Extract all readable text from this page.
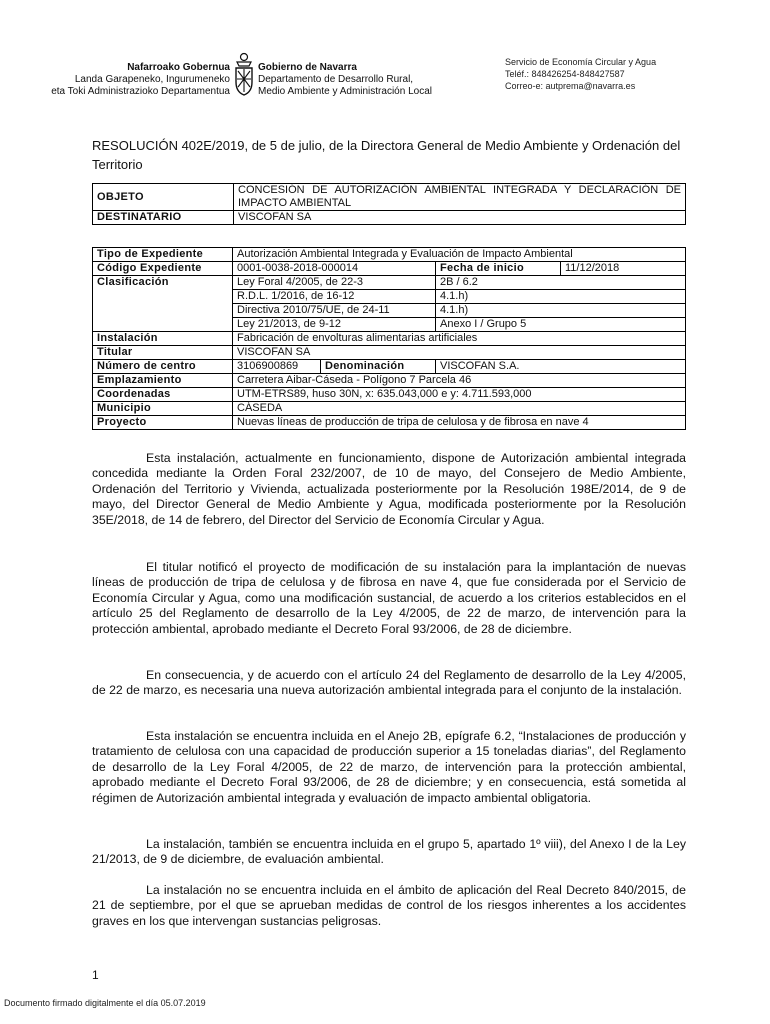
Nafarroako Gobernua
Landa Garapeneko, Ingurumeneko
eta Toki Administrazioko Departamentua
Gobierno de Navarra
Departamento de Desarrollo Rural,
Medio Ambiente y Administración Local
Servicio de Economía Circular y Agua
Teléf.: 848426254-848427587
Correo-e: autprema@navarra.es
RESOLUCIÓN 402E/2019, de 5 de julio, de la Directora General de Medio Ambiente y Ordenación del Territorio
OBJETO	CONCESIÓN DE AUTORIZACIÓN AMBIENTAL INTEGRADA Y DECLARACIÓN DE IMPACTO AMBIENTAL
DESTINATARIO	VISCOFAN SA
Tipo de Expediente	Autorización Ambiental Integrada y Evaluación de Impacto Ambiental			
Código Expediente	0001-0038-2018-000014		Fecha de inicio	11/12/2018
Clasificación	Ley Foral 4/2005, de 22-3		2B / 6.2	
	R.D.L. 1/2016, de 16-12		4.1.h)	
	Directiva 2010/75/UE, de 24-11		4.1.h)	
	Ley 21/2013, de 9-12		Anexo I / Grupo 5	
Instalación	Fabricación de envolturas alimentarias artificiales			
Titular	VISCOFAN SA			
Número de centro	3106900869	Denominación	VISCOFAN S.A.	
Emplazamiento	Carretera Aibar-Cáseda - Polígono 7 Parcela 46			
Coordenadas	UTM-ETRS89, huso 30N, x: 635.043,000 e y: 4.711.593,000			
Municipio	CÁSEDA			
Proyecto	Nuevas líneas de producción de tripa de celulosa y de fibrosa en nave 4			
Esta instalación, actualmente en funcionamiento, dispone de Autorización ambiental integrada concedida mediante la Orden Foral 232/2007, de 10 de mayo, del Consejero de Medio Ambiente, Ordenación del Territorio y Vivienda, actualizada posteriormente por la Resolución 198E/2014, de 9 de mayo, del Director General de Medio Ambiente y Agua, modificada posteriormente por la Resolución 35E/2018, de 14 de febrero, del Director del Servicio de Economía Circular y Agua.
El titular notificó el proyecto de modificación de su instalación para la implantación de nuevas líneas de producción de tripa de celulosa y de fibrosa en nave 4, que fue considerada por el Servicio de Economía Circular y Agua, como una modificación sustancial, de acuerdo a los criterios establecidos en el artículo 25 del Reglamento de desarrollo de la Ley 4/2005, de 22 de marzo, de intervención para la protección ambiental, aprobado mediante el Decreto Foral 93/2006, de 28 de diciembre.
En consecuencia, y de acuerdo con el artículo 24 del Reglamento de desarrollo de la Ley 4/2005, de 22 de marzo, es necesaria una nueva autorización ambiental integrada para el conjunto de la instalación.
Esta instalación se encuentra incluida en el Anejo 2B, epígrafe 6.2, “Instalaciones de producción y tratamiento de celulosa con una capacidad de producción superior a 15 toneladas diarias”, del Reglamento de desarrollo de la Ley Foral 4/2005, de 22 de marzo, de intervención para la protección ambiental, aprobado mediante el Decreto Foral 93/2006, de 28 de diciembre; y en consecuencia, está sometida al régimen de Autorización ambiental integrada y evaluación de impacto ambiental obligatoria.
La instalación, también se encuentra incluida en el grupo 5, apartado 1º viii), del Anexo I de la Ley 21/2013, de 9 de diciembre, de evaluación ambiental.
La instalación no se encuentra incluida en el ámbito de aplicación del Real Decreto 840/2015, de 21 de septiembre, por el que se aprueban medidas de control de los riesgos inherentes a los accidentes graves en los que intervengan sustancias peligrosas.
1
Documento firmado digitalmente el día 05.07.2019
